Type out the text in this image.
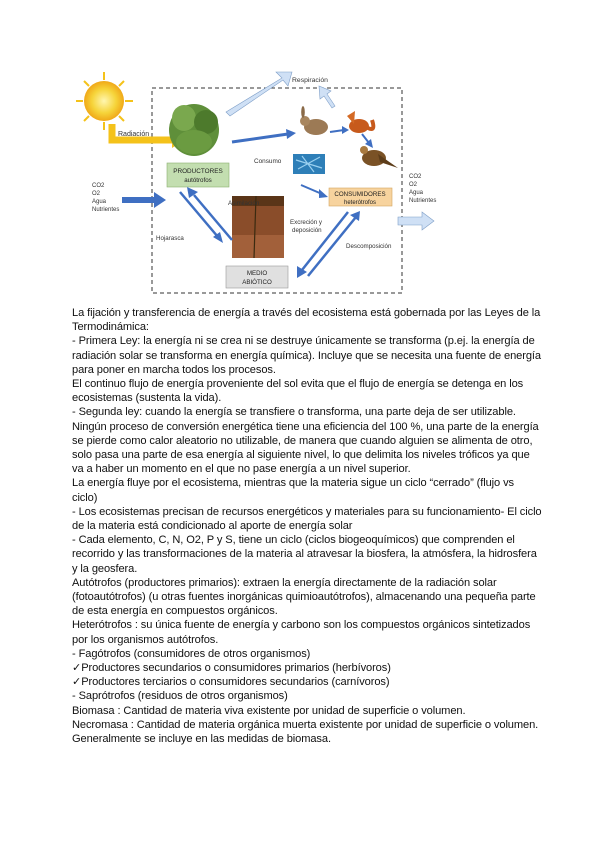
Radiación
PRODUCTORES
autótrofos
Respiración
Consumo
CO2
O2
Agua
Nutrientes
CO2
O2
Agua
Nutrientes
Asimilación
Hojarasca
CONSUMIDORES
heterótrofos
Excreción y
deposición
Descomposición
MEDIO
ABIÓTICO

La fijación y transferencia de energía a través del ecosistema está gobernada por las Leyes de la Termodinámica:

- Primera Ley: la energía ni se crea ni se destruye únicamente se transforma (p.ej. la energía de radiación solar se transforma en energía química). Incluye que se necesita una fuente de energía para poner en marcha todos los procesos.

El continuo flujo de energía proveniente del sol evita que el flujo de energía se detenga en los ecosistemas (sustenta la vida).

- Segunda ley: cuando la energía se transfiere o transforma, una parte deja de ser utilizable. Ningún proceso de conversión energética tiene una eficiencia del 100 %, una parte de la energía se pierde como calor aleatorio no utilizable, de manera que cuando alguien se alimenta de otro, solo pasa una parte de esa energía al siguiente nivel, lo que delimita los niveles tróficos ya que va a haber un momento en el que no pase energía a un nivel superior.

La energía fluye por el ecosistema, mientras que la materia sigue un ciclo “cerrado” (flujo vs ciclo)

- Los ecosistemas precisan de recursos energéticos y materiales para su funcionamiento- El ciclo de la materia está condicionado al aporte de energía solar

- Cada elemento, C, N, O2, P y S, tiene un ciclo (ciclos biogeoquímicos) que comprenden el recorrido y las transformaciones de la materia al atravesar la biosfera, la atmósfera, la hidrosfera y la geosfera.

Autótrofos (productores primarios): extraen la energía directamente de la radiación solar (fotoautótrofos) (u otras fuentes inorgánicas quimioautótrofos), almacenando una pequeña parte de esta energía en compuestos orgánicos.

Heterótrofos : su única fuente de energía y carbono son los compuestos orgánicos sintetizados por los organismos autótrofos.

- Fagótrofos (consumidores de otros organismos)

✓Productores secundarios o consumidores primarios (herbívoros)

✓Productores terciarios o consumidores secundarios (carnívoros)

- Saprótrofos (residuos de otros organismos)

Biomasa : Cantidad de materia viva existente por unidad de superficie o volumen.

Necromasa : Cantidad de materia orgánica muerta existente por unidad de superficie o volumen. Generalmente se incluye en las medidas de biomasa.
